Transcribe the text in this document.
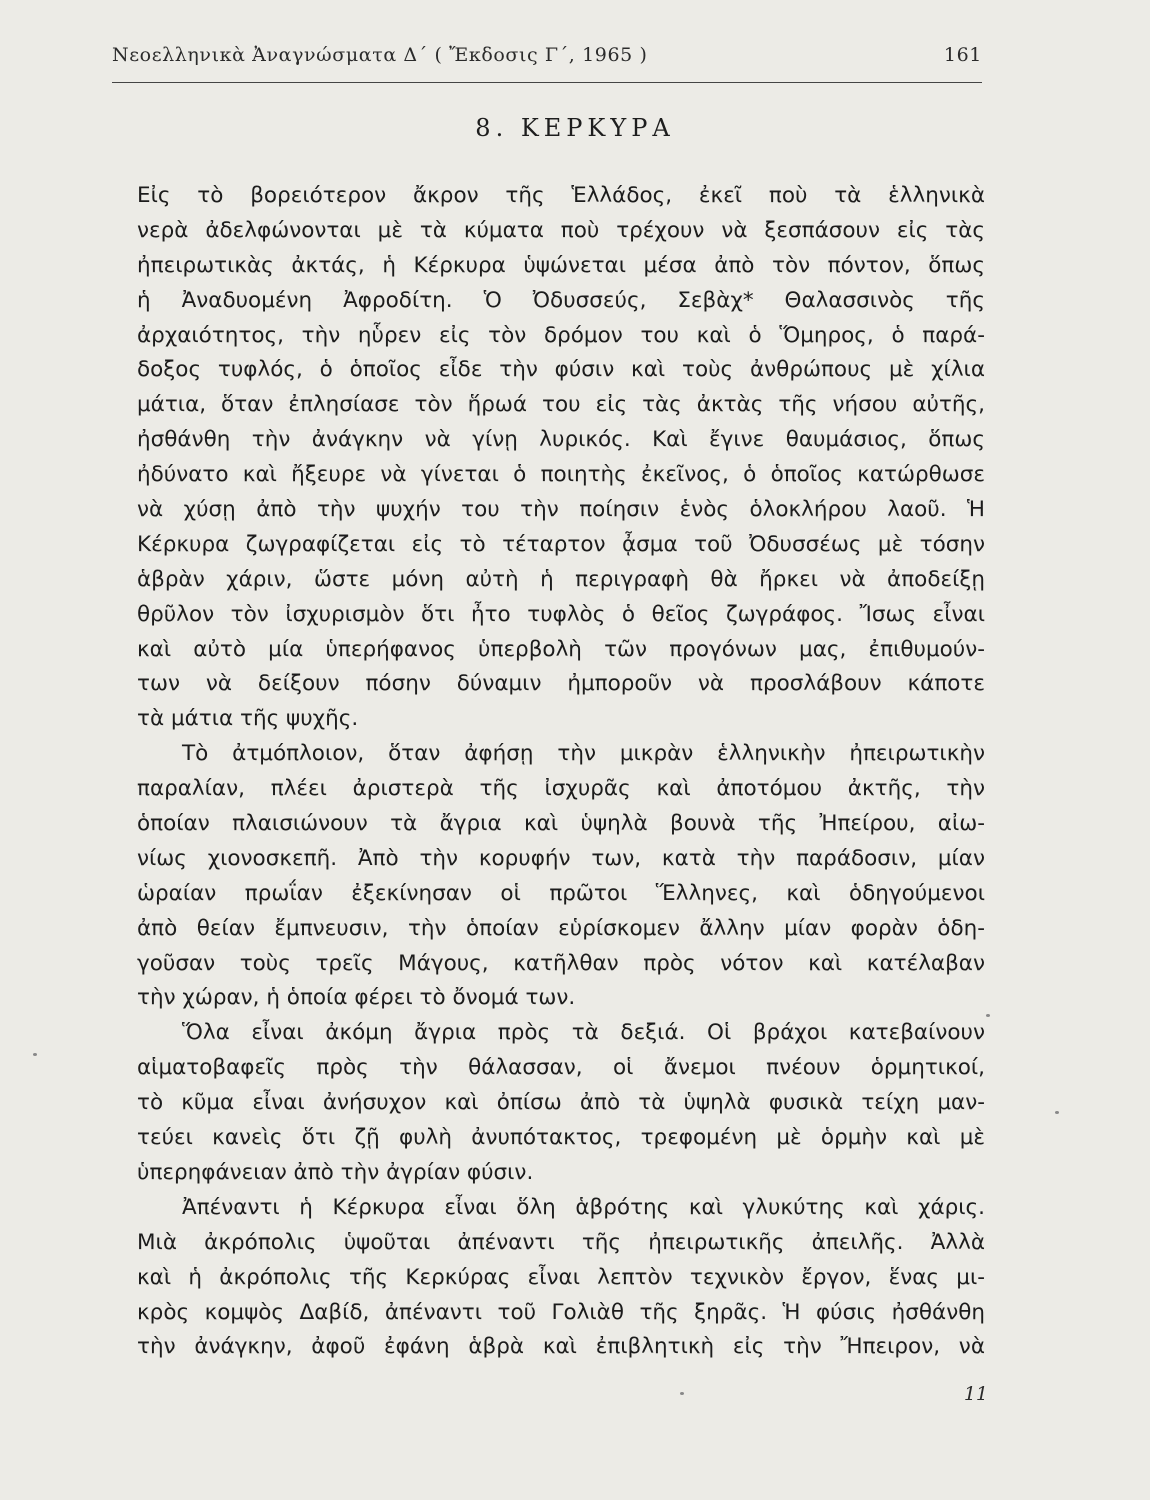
Νεοελληνικὰ Ἀναγνώσματα Δ΄ ( Ἔκδοσις Γ΄, 1965 )	161
8. ΚΕΡΚΥΡΑ
Εἰς τὸ βορειότερον ἄκρον τῆς Ἑλλάδος, ἐκεῖ ποὺ τὰ ἑλληνικὰ
νερὰ ἀδελφώνονται μὲ τὰ κύματα ποὺ τρέχουν νὰ ξεσπάσουν εἰς τὰς
ἠπειρωτικὰς ἀκτάς, ἡ Κέρκυρα ὑψώνεται μέσα ἀπὸ τὸν πόντον, ὅπως
ἡ Ἀναδυομένη Ἀφροδίτη. Ὁ Ὀδυσσεύς, Σεβὰχ* Θαλασσινὸς τῆς
ἀρχαιότητος, τὴν ηὗρεν εἰς τὸν δρόμον του καὶ ὁ Ὅμηρος, ὁ παρά-
δοξος τυφλός, ὁ ὁποῖος εἶδε τὴν φύσιν καὶ τοὺς ἀνθρώπους μὲ χίλια
μάτια, ὅταν ἐπλησίασε τὸν ἥρωά του εἰς τὰς ἀκτὰς τῆς νήσου αὐτῆς,
ἠσθάνθη τὴν ἀνάγκην νὰ γίνῃ λυρικός. Καὶ ἔγινε θαυμάσιος, ὅπως
ἠδύνατο καὶ ἤξευρε νὰ γίνεται ὁ ποιητὴς ἐκεῖνος, ὁ ὁποῖος κατώρθωσε
νὰ χύσῃ ἀπὸ τὴν ψυχήν του τὴν ποίησιν ἑνὸς ὁλοκλήρου λαοῦ. Ἡ
Κέρκυρα ζωγραφίζεται εἰς τὸ τέταρτον ᾆσμα τοῦ Ὀδυσσέως μὲ τόσην
ἁβρὰν χάριν, ὥστε μόνη αὐτὴ ἡ περιγραφὴ θὰ ἤρκει νὰ ἀποδείξῃ
θρῦλον τὸν ἰσχυρισμὸν ὅτι ἦτο τυφλὸς ὁ θεῖος ζωγράφος. Ἴσως εἶναι
καὶ αὐτὸ μία ὑπερήφανος ὑπερβολὴ τῶν προγόνων μας, ἐπιθυμούν-
των νὰ δείξουν πόσην δύναμιν ἠμποροῦν νὰ προσλάβουν κάποτε
τὰ μάτια τῆς ψυχῆς.
Τὸ ἀτμόπλοιον, ὅταν ἀφήσῃ τὴν μικρὰν ἑλληνικὴν ἠπειρωτικὴν
παραλίαν, πλέει ἀριστερὰ τῆς ἰσχυρᾶς καὶ ἀποτόμου ἀκτῆς, τὴν
ὁποίαν πλαισιώνουν τὰ ἄγρια καὶ ὑψηλὰ βουνὰ τῆς Ἠπείρου, αἰω-
νίως χιονοσκεπῆ. Ἀπὸ τὴν κορυφήν των, κατὰ τὴν παράδοσιν, μίαν
ὡραίαν πρωΐαν ἐξεκίνησαν οἱ πρῶτοι Ἕλληνες, καὶ ὁδηγούμενοι
ἀπὸ θείαν ἔμπνευσιν, τὴν ὁποίαν εὑρίσκομεν ἄλλην μίαν φορὰν ὁδη-
γοῦσαν τοὺς τρεῖς Μάγους, κατῆλθαν πρὸς νότον καὶ κατέλαβαν
τὴν χώραν, ἡ ὁποία φέρει τὸ ὄνομά των.
Ὅλα εἶναι ἀκόμη ἄγρια πρὸς τὰ δεξιά. Οἱ βράχοι κατεβαίνουν
αἱματοβαφεῖς πρὸς τὴν θάλασσαν, οἱ ἄνεμοι πνέουν ὁρμητικοί,
τὸ κῦμα εἶναι ἀνήσυχον καὶ ὀπίσω ἀπὸ τὰ ὑψηλὰ φυσικὰ τείχη μαν-
τεύει κανεὶς ὅτι ζῇ φυλὴ ἀνυπότακτος, τρεφομένη μὲ ὁρμὴν καὶ μὲ
ὑπερηφάνειαν ἀπὸ τὴν ἀγρίαν φύσιν.
Ἀπέναντι ἡ Κέρκυρα εἶναι ὅλη ἁβρότης καὶ γλυκύτης καὶ χάρις.
Μιὰ ἀκρόπολις ὑψοῦται ἀπέναντι τῆς ἠπειρωτικῆς ἀπειλῆς. Ἀλλὰ
καὶ ἡ ἀκρόπολις τῆς Κερκύρας εἶναι λεπτὸν τεχνικὸν ἔργον, ἕνας μι-
κρὸς κομψὸς Δαβίδ, ἀπέναντι τοῦ Γολιὰθ τῆς ξηρᾶς. Ἡ φύσις ἠσθάνθη
τὴν ἀνάγκην, ἀφοῦ ἐφάνη ἁβρὰ καὶ ἐπιβλητικὴ εἰς τὴν Ἤπειρον, νὰ
11
